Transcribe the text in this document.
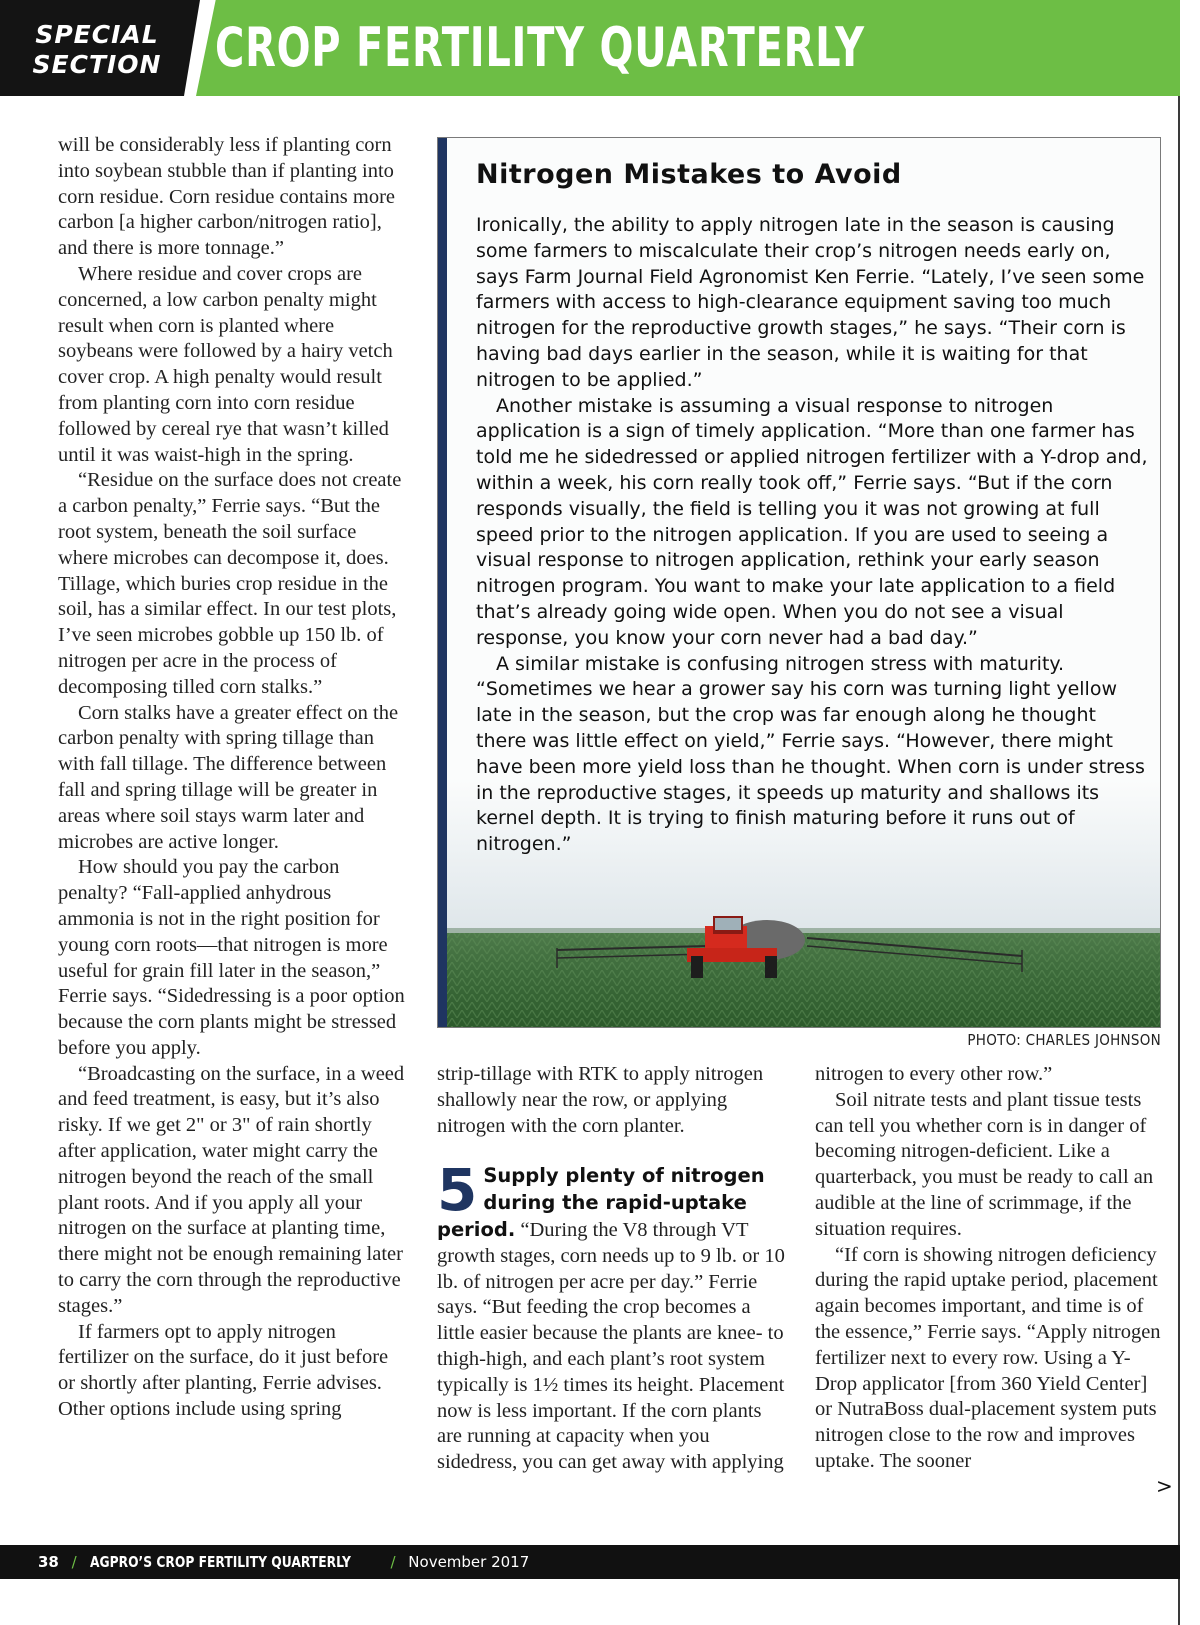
SPECIAL SECTION CROP FERTILITY QUARTERLY

will be considerably less if planting corn into soybean stubble than if planting into corn residue. Corn residue contains more carbon [a higher carbon/nitrogen ratio], and there is more tonnage.”

Where residue and cover crops are concerned, a low carbon penalty might result when corn is planted where soybeans were followed by a hairy vetch cover crop. A high penalty would result from planting corn into corn residue followed by cereal rye that wasn’t killed until it was waist-high in the spring.

“Residue on the surface does not create a carbon penalty,” Ferrie says. “But the root system, beneath the soil surface where microbes can decompose it, does. Tillage, which buries crop residue in the soil, has a similar effect. In our test plots, I’ve seen microbes gobble up 150 lb. of nitrogen per acre in the process of decomposing tilled corn stalks.”

Corn stalks have a greater effect on the carbon penalty with spring tillage than with fall tillage. The difference between fall and spring tillage will be greater in areas where soil stays warm later and microbes are active longer.

How should you pay the carbon penalty? “Fall-applied anhydrous ammonia is not in the right position for young corn roots—that nitrogen is more useful for grain fill later in the season,” Ferrie says. “Sidedressing is a poor option because the corn plants might be stressed before you apply.

“Broadcasting on the surface, in a weed and feed treatment, is easy, but it’s also risky. If we get 2" or 3" of rain shortly after application, water might carry the nitrogen beyond the reach of the small plant roots. And if you apply all your nitrogen on the surface at planting time, there might not be enough remaining later to carry the corn through the reproductive stages.”

If farmers opt to apply nitrogen fertilizer on the surface, do it just before or shortly after planting, Ferrie advises. Other options include using spring

Nitrogen Mistakes to Avoid

Ironically, the ability to apply nitrogen late in the season is causing some farmers to miscalculate their crop’s nitrogen needs early on, says Farm Journal Field Agronomist Ken Ferrie. “Lately, I’ve seen some farmers with access to high-clearance equipment saving too much nitrogen for the reproductive growth stages,” he says. “Their corn is having bad days earlier in the season, while it is waiting for that nitrogen to be applied.”

Another mistake is assuming a visual response to nitrogen application is a sign of timely application. “More than one farmer has told me he sidedressed or applied nitrogen fertilizer with a Y-drop and, within a week, his corn really took off,” Ferrie says. “But if the corn responds visually, the field is telling you it was not growing at full speed prior to the nitrogen application. If you are used to seeing a visual response to nitrogen application, rethink your early season nitrogen program. You want to make your late application to a field that’s already going wide open. When you do not see a visual response, you know your corn never had a bad day.”

A similar mistake is confusing nitrogen stress with maturity. “Sometimes we hear a grower say his corn was turning light yellow late in the season, but the crop was far enough along he thought there was little effect on yield,” Ferrie says. “However, there might have been more yield loss than he thought. When corn is under stress in the reproductive stages, it speeds up maturity and shallows its kernel depth. It is trying to finish maturing before it runs out of nitrogen.”

PHOTO: CHARLES JOHNSON

strip-tillage with RTK to apply nitrogen shallowly near the row, or applying nitrogen with the corn planter.

5 Supply plenty of nitrogen during the rapid-uptake period. “During the V8 through VT growth stages, corn needs up to 9 lb. or 10 lb. of nitrogen per acre per day.” Ferrie says. “But feeding the crop becomes a little easier because the plants are knee- to thigh-high, and each plant’s root system typically is 1½ times its height. Placement now is less important. If the corn plants are running at capacity when you sidedress, you can get away with applying

nitrogen to every other row.”

Soil nitrate tests and plant tissue tests can tell you whether corn is in danger of becoming nitrogen-deficient. Like a quarterback, you must be ready to call an audible at the line of scrimmage, if the situation requires.

“If corn is showing nitrogen deficiency during the rapid uptake period, placement again becomes important, and time is of the essence,” Ferrie says. “Apply nitrogen fertilizer next to every row. Using a Y-Drop applicator [from 360 Yield Center] or NutraBoss dual-placement system puts nitrogen close to the row and improves uptake. The sooner

>
38 / AGPRO’S CROP FERTILITY QUARTERLY	/ November 2017
